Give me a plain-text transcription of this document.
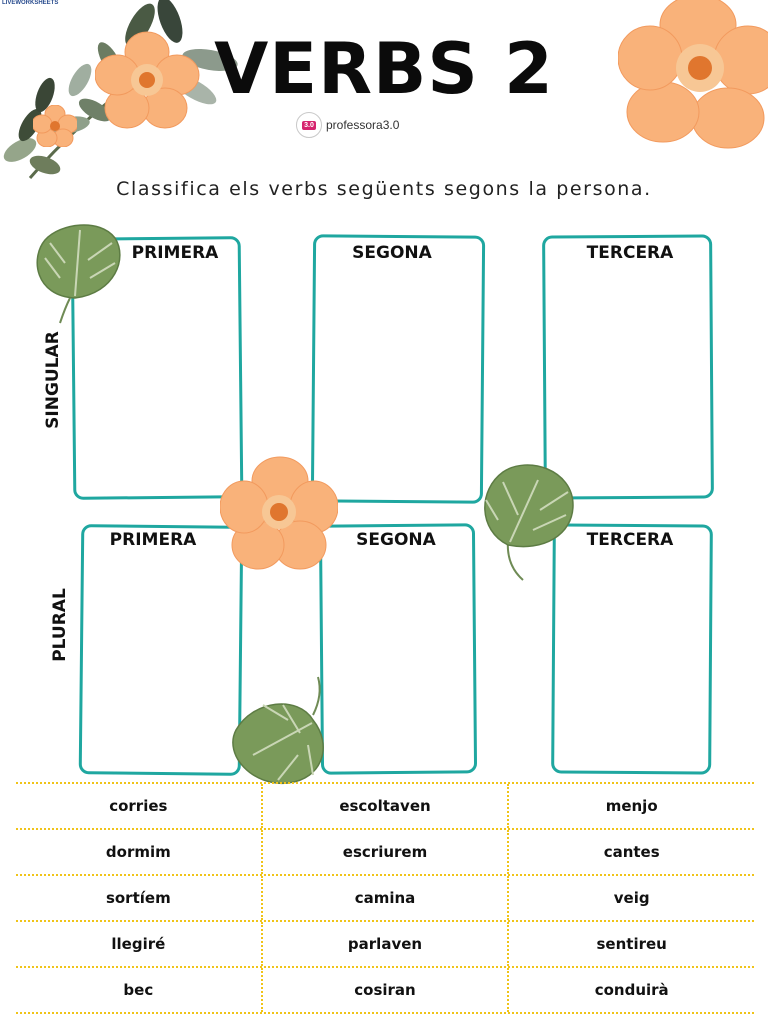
LIVEWORKSHEETS
VERBS 2
3.0 professora3.0
Classifica els verbs següents segons la persona.
SINGULAR
PLURAL
PRIMERA	SEGONA	TERCERA
PRIMERA	SEGONA	TERCERA
corries	escoltaven	menjo
dormim	escriurem	cantes
sortíem	camina	veig
llegiré	parlaven	sentireu
bec	cosiran	conduirà
